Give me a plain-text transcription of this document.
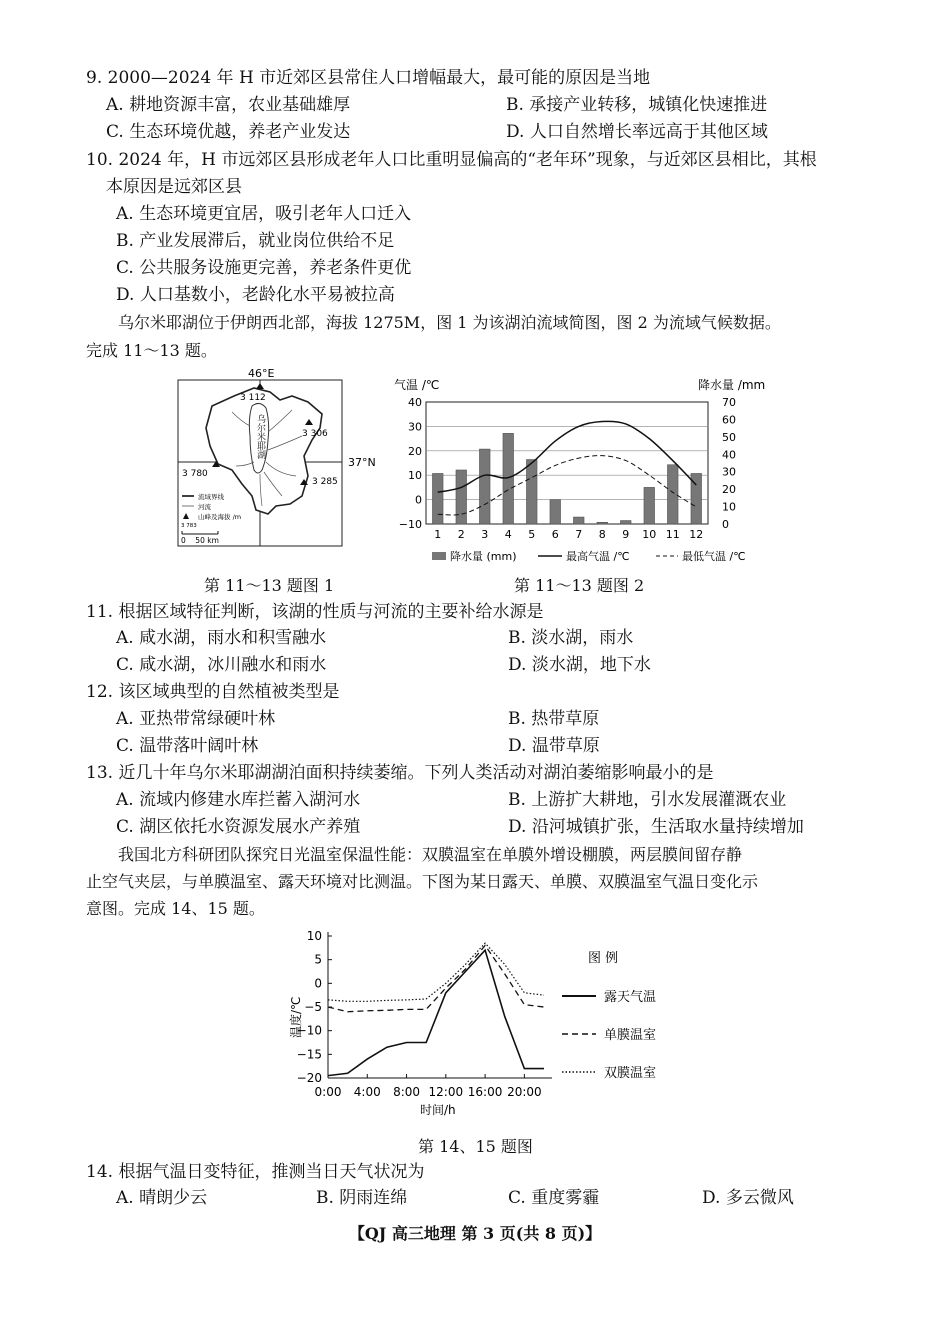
9. 2000—2024 年 H 市近郊区县常住人口增幅最大，最可能的原因是当地
A. 耕地资源丰富，农业基础雄厚	B. 承接产业转移，城镇化快速推进
C. 生态环境优越，养老产业发达	D. 人口自然增长率远高于其他区域
10. 2024 年，H 市远郊区县形成老年人口比重明显偏高的“老年环”现象，与近郊区县相比，其根
本原因是远郊区县
A. 生态环境更宜居，吸引老年人口迁入
B. 产业发展滞后，就业岗位供给不足
C. 公共服务设施更完善，养老条件更优
D. 人口基数小，老龄化水平易被拉高
乌尔米耶湖位于伊朗西北部，海拔 1275M，图 1 为该湖泊流域简图，图 2 为流域气候数据。
完成 11～13 题。
乌尔米耶湖
46°E
37°N
3 112
3 306
3 780
3 285
流域界线
河流
山峰及海拔 /m
3 783
0    50 km
第 11～13 题图 1
气温 /℃	降水量 /mm
40
30
20
10
0
−10
70
60
50
40
30
20
10
0
1 2 3 4 5 6 7 8 9 10 11 12
降水量 (mm)	最高气温 /℃	最低气温 /℃
第 11～13 题图 2
11. 根据区域特征判断，该湖的性质与河流的主要补给水源是
A. 咸水湖，雨水和积雪融水	B. 淡水湖，雨水
C. 咸水湖，冰川融水和雨水	D. 淡水湖，地下水
12. 该区域典型的自然植被类型是
A. 亚热带常绿硬叶林	B. 热带草原
C. 温带落叶阔叶林	D. 温带草原
13. 近几十年乌尔米耶湖湖泊面积持续萎缩。下列人类活动对湖泊萎缩影响最小的是
A. 流域内修建水库拦蓄入湖河水	B. 上游扩大耕地，引水发展灌溉农业
C. 湖区依托水资源发展水产养殖	D. 沿河城镇扩张，生活取水量持续增加
我国北方科研团队探究日光温室保温性能：双膜温室在单膜外增设棚膜，两层膜间留存静
止空气夹层，与单膜温室、露天环境对比测温。下图为某日露天、单膜、双膜温室气温日变化示
意图。完成 14、15 题。
温度/℃
时间/h
10
5
0
−5
−10
−15
−20
0:00 4:00 8:00 12:00 16:00 20:00
图 例
露天气温
单膜温室
双膜温室
第 14、15 题图
14. 根据气温日变特征，推测当日天气状况为
A. 晴朗少云	B. 阴雨连绵	C. 重度雾霾	D. 多云微风
【QJ 高三地理 第 3 页(共 8 页)】
